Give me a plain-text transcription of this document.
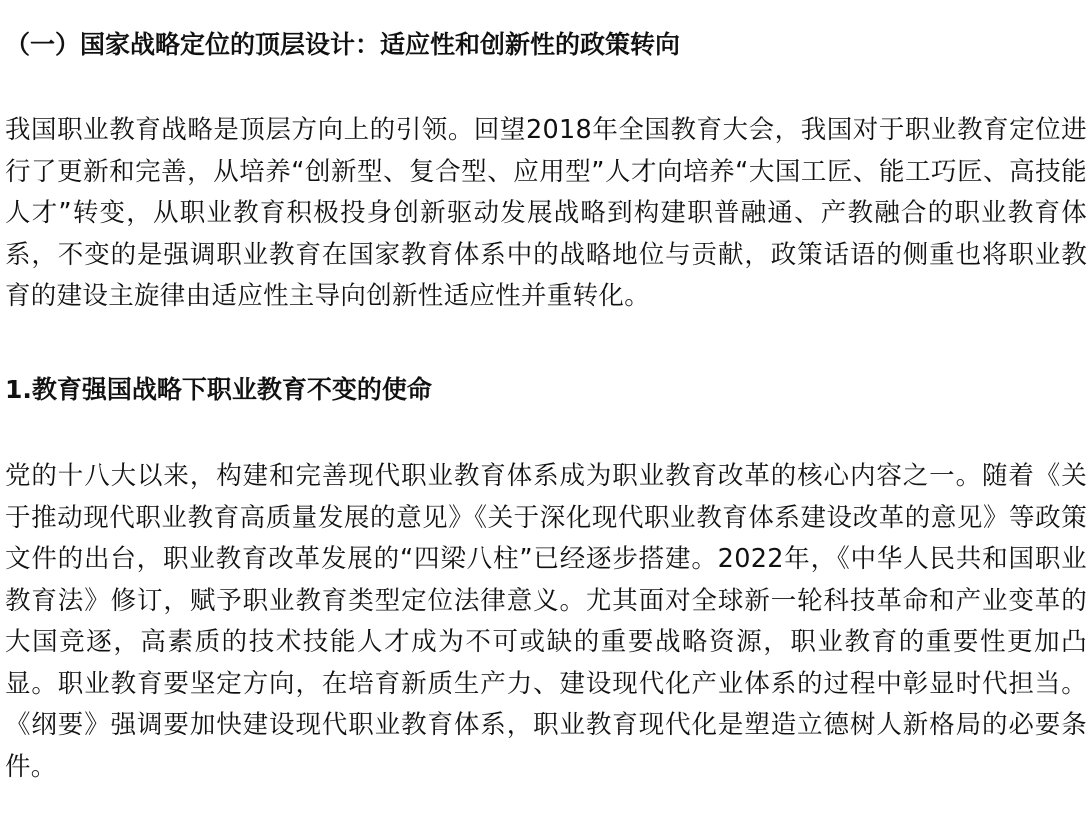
（一）国家战略定位的顶层设计：适应性和创新性的政策转向

我国职业教育战略是顶层方向上的引领。回望2018年全国教育大会，我国对于职业教育定位进行了更新和完善，从培养“创新型、复合型、应用型”人才向培养“大国工匠、能工巧匠、高技能人才”转变，从职业教育积极投身创新驱动发展战略到构建职普融通、产教融合的职业教育体系，不变的是强调职业教育在国家教育体系中的战略地位与贡献，政策话语的侧重也将职业教育的建设主旋律由适应性主导向创新性适应性并重转化。

1.教育强国战略下职业教育不变的使命

党的十八大以来，构建和完善现代职业教育体系成为职业教育改革的核心内容之一。随着《关于推动现代职业教育高质量发展的意见》《关于深化现代职业教育体系建设改革的意见》等政策文件的出台，职业教育改革发展的“四梁八柱”已经逐步搭建。2022年，《中华人民共和国职业教育法》修订，赋予职业教育类型定位法律意义。尤其面对全球新一轮科技革命和产业变革的大国竞逐，高素质的技术技能人才成为不可或缺的重要战略资源，职业教育的重要性更加凸显。职业教育要坚定方向，在培育新质生产力、建设现代化产业体系的过程中彰显时代担当。《纲要》强调要加快建设现代职业教育体系，职业教育现代化是塑造立德树人新格局的必要条件。
